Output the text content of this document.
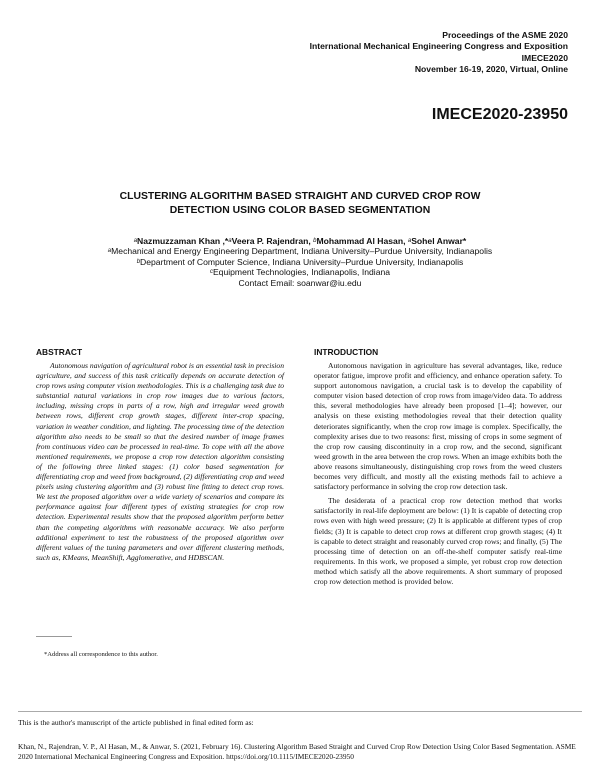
Proceedings of the ASME 2020
International Mechanical Engineering Congress and Exposition
IMECE2020
November 16-19, 2020, Virtual, Online
IMECE2020-23950
CLUSTERING ALGORITHM BASED STRAIGHT AND CURVED CROP ROW
DETECTION USING COLOR BASED SEGMENTATION
$^a$Nazmuzzaman Khan ,*$^a$Veera P. Rajendran, $^b$Mohammad Al Hasan, $^a$Sohel Anwar*
$^a$Mechanical and Energy Engineering Department, Indiana University–Purdue University, Indianapolis
$^b$Department of Computer Science, Indiana University–Purdue University, Indianapolis
$^c$Equipment Technologies, Indianapolis, Indiana
Contact Email: soanwar@iu.edu
ABSTRACT

Autonomous navigation of agricultural robot is an essential task in precision agriculture, and success of this task critically depends on accurate detection of crop rows using computer vision methodologies. This is a challenging task due to substantial natural variations in crop row images due to various factors, including, missing crops in parts of a row, high and irregular weed growth between rows, different crop growth stages, different inter-crop spacing, variation in weather condition, and lighting. The processing time of the detection algorithm also needs to be small so that the desired number of image frames from continuous video can be processed in real-time. To cope with all the above mentioned requirements, we propose a crop row detection algorithm consisting of the following three linked stages: (1) color based segmentation for differentiating crop and weed from background, (2) differentiating crop and weed pixels using clustering algorithm and (3) robust line fitting to detect crop rows. We test the proposed algorithm over a wide variety of scenarios and compare its performance against four different types of existing strategies for crop row detection. Experimental results show that the proposed algorithm perform better than the competing algorithms with reasonable accuracy. We also perform additional experiment to test the robustness of the proposed algorithm over different values of the tuning parameters and over different clustering methods, such as, KMeans, MeanShift, Agglomerative, and HDBSCAN.

INTRODUCTION

Autonomous navigation in agriculture has several advantages, like, reduce operator fatigue, improve profit and efficiency, and enhance operation safety. To support autonomous navigation, a crucial task is to develop the capability of computer vision based detection of crop rows from image/video data. To address this, several methodologies have already been proposed [1–4]; however, our analysis on these existing methodologies reveal that their detection quality deteriorates significantly, when the crop row image is complex. Specifically, the complexity arises due to two reasons: first, missing of crops in some segment of the crop row causing discontinuity in a crop row, and the second, significant weed growth in the area between the crop rows. When an image exhibits both the above reasons simultaneously, distinguishing crop rows from the weed clusters becomes very difficult, and mostly all the existing methods fail to achieve a satisfactory performance in solving the crop row detection task.

The desiderata of a practical crop row detection method that works satisfactorily in real-life deployment are below: (1) It is capable of detecting crop rows even with high weed pressure; (2) It is applicable at different types of crop fields; (3) It is capable to detect crop rows at different crop growth stages; (4) It is capable to detect straight and reasonably curved crop rows; and finally, (5) The processing time of detection on an off-the-shelf computer satisfy real-time requirements. In this work, we proposed a simple, yet robust crop row detection method which satisfy all the above requirements. A short summary of proposed crop row detection method is provided below.

*Address all correspondence to this author.
This is the author's manuscript of the article published in final edited form as:
Khan, N., Rajendran, V. P., Al Hasan, M., & Anwar, S. (2021, February 16). Clustering Algorithm Based Straight and Curved Crop Row Detection Using Color Based Segmentation. ASME 2020 International Mechanical Engineering Congress and Exposition. https://doi.org/10.1115/IMECE2020-23950
